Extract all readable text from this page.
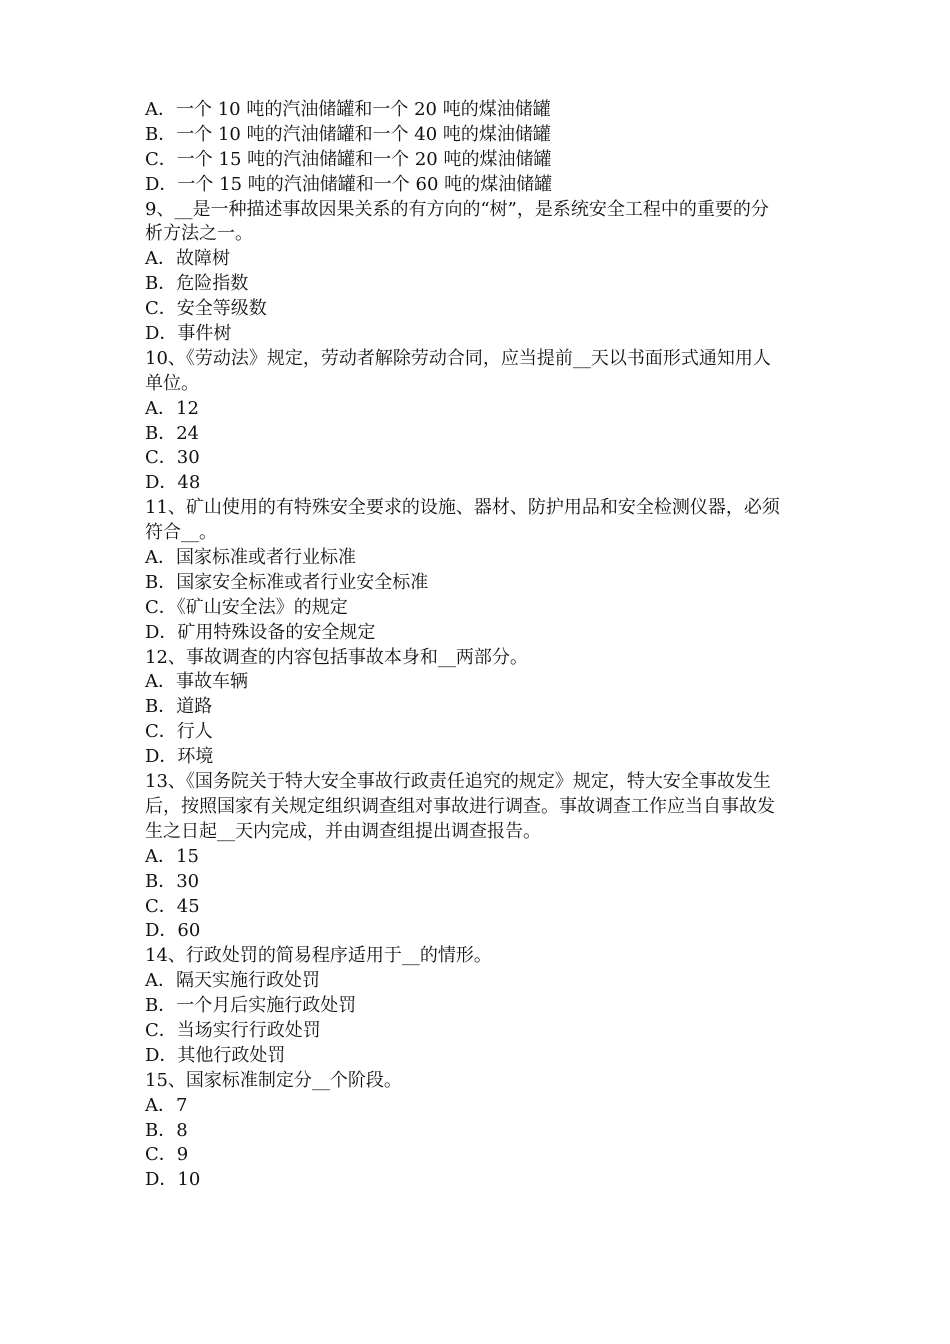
A．一个 10 吨的汽油储罐和一个 20 吨的煤油储罐

B．一个 10 吨的汽油储罐和一个 40 吨的煤油储罐

C．一个 15 吨的汽油储罐和一个 20 吨的煤油储罐

D．一个 15 吨的汽油储罐和一个 60 吨的煤油储罐

9、__是一种描述事故因果关系的有方向的“树”，是系统安全工程中的重要的分

析方法之一。

A．故障树

B．危险指数

C．安全等级数

D．事件树

10、《劳动法》规定，劳动者解除劳动合同，应当提前__天以书面形式通知用人

单位。

A．12

B．24

C．30

D．48

11、矿山使用的有特殊安全要求的设施、器材、防护用品和安全检测仪器，必须

符合__。

A．国家标准或者行业标准

B．国家安全标准或者行业安全标准

C．《矿山安全法》的规定

D．矿用特殊设备的安全规定

12、事故调查的内容包括事故本身和__两部分。

A．事故车辆

B．道路

C．行人

D．环境

13、《国务院关于特大安全事故行政责任追究的规定》规定，特大安全事故发生

后，按照国家有关规定组织调查组对事故进行调查。事故调查工作应当自事故发

生之日起__天内完成，并由调查组提出调查报告。

A．15

B．30

C．45

D．60

14、行政处罚的简易程序适用于__的情形。

A．隔天实施行政处罚

B．一个月后实施行政处罚

C．当场实行行政处罚

D．其他行政处罚

15、国家标准制定分__个阶段。

A．7

B．8

C．9

D．10
